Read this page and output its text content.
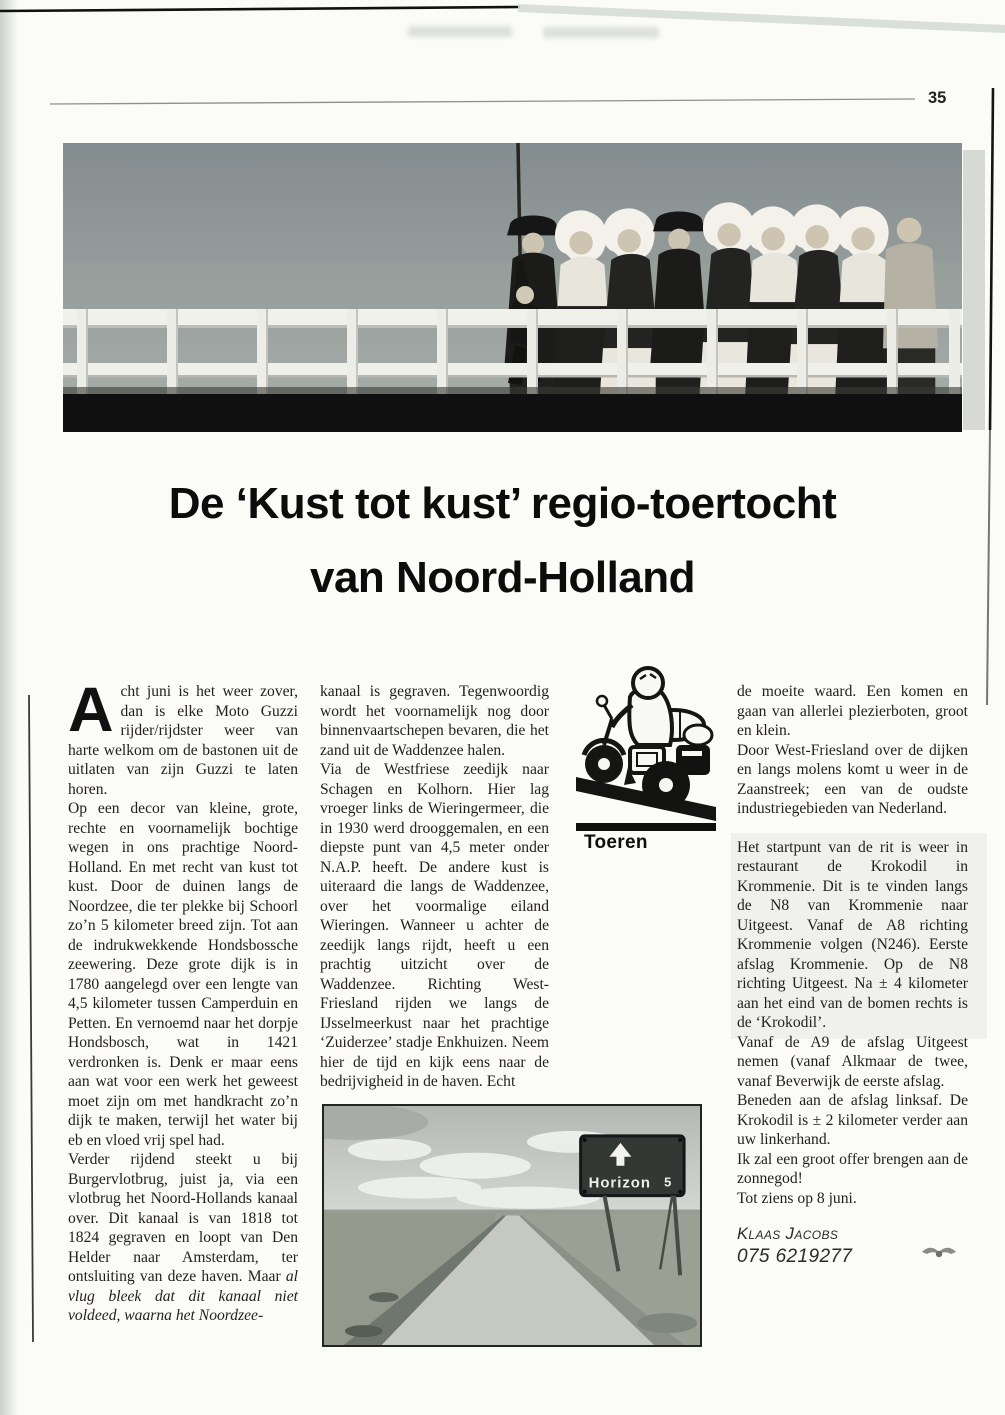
35
De ‘Kust tot kust’ regio-toertocht
van Noord-Holland

Acht juni is het weer zover, dan is elke Moto Guzzi rijder/rijdster weer van harte welkom om de bastonen uit de uitlaten van zijn Guzzi te laten horen.

Op een decor van kleine, grote, rechte en voornamelijk bochtige wegen in ons prachtige Noord-Holland. En met recht van kust tot kust. Door de duinen langs de Noordzee, die ter plekke bij Schoorl zo’n 5 kilometer breed zijn. Tot aan de indrukwekkende Hondsbossche zeewering. Deze grote dijk is in 1780 aangelegd over een lengte van 4,5 kilometer tussen Camperduin en Petten. En vernoemd naar het dorpje Hondsbosch, wat in 1421 verdronken is. Denk er maar eens aan wat voor een werk het geweest moet zijn om met handkracht zo’n dijk te maken, terwijl het water bij eb en vloed vrij spel had.

Verder rijdend steekt u bij Burgervlotbrug, juist ja, via een vlotbrug het Noord-Hollands kanaal over. Dit kanaal is van 1818 tot 1824 gegraven en loopt van Den Helder naar Amsterdam, ter ontsluiting van deze haven. Maar al vlug bleek dat dit kanaal niet voldeed, waarna het Noordzee-

kanaal is gegraven. Tegenwoordig wordt het voornamelijk nog door binnenvaartschepen bevaren, die het zand uit de Waddenzee halen.

Via de Westfriese zeedijk naar Schagen en Kolhorn. Hier lag vroeger links de Wieringermeer, die in 1930 werd drooggemalen, en een diepste punt van 4,5 meter onder N.A.P. heeft. De andere kust is uiteraard die langs de Waddenzee, over het voormalige eiland Wieringen. Wanneer u achter de zeedijk langs rijdt, heeft u een prachtig uitzicht over de Waddenzee. Richting West-Friesland rijden we langs de IJsselmeerkust naar het prachtige ‘Zuiderzee’ stadje Enkhuizen. Neem hier de tijd en kijk eens naar de bedrijvigheid in de haven. Echt

Toeren

de moeite waard. Een komen en gaan van allerlei plezierboten, groot en klein.

Door West-Friesland over de dijken en langs molens komt u weer in de Zaanstreek; een van de oudste industriegebieden van Nederland.

Het startpunt van de rit is weer in restaurant de Krokodil in Krommenie. Dit is te vinden langs de N8 van Krommenie naar Uitgeest. Vanaf de A8 richting Krommenie volgen (N246). Eerste afslag Krommenie. Op de N8 richting Uitgeest. Na ± 4 kilometer aan het eind van de bomen rechts is de ‘Krokodil’.

Vanaf de A9 de afslag Uitgeest nemen (vanaf Alkmaar de twee, vanaf Beverwijk de eerste afslag.

Beneden aan de afslag linksaf. De Krokodil is ± 2 kilometer verder aan uw linkerhand.

Ik zal een groot offer brengen aan de zonnegod!

Tot ziens op 8 juni.

Klaas Jacobs
075 6219277
Horizon 5
